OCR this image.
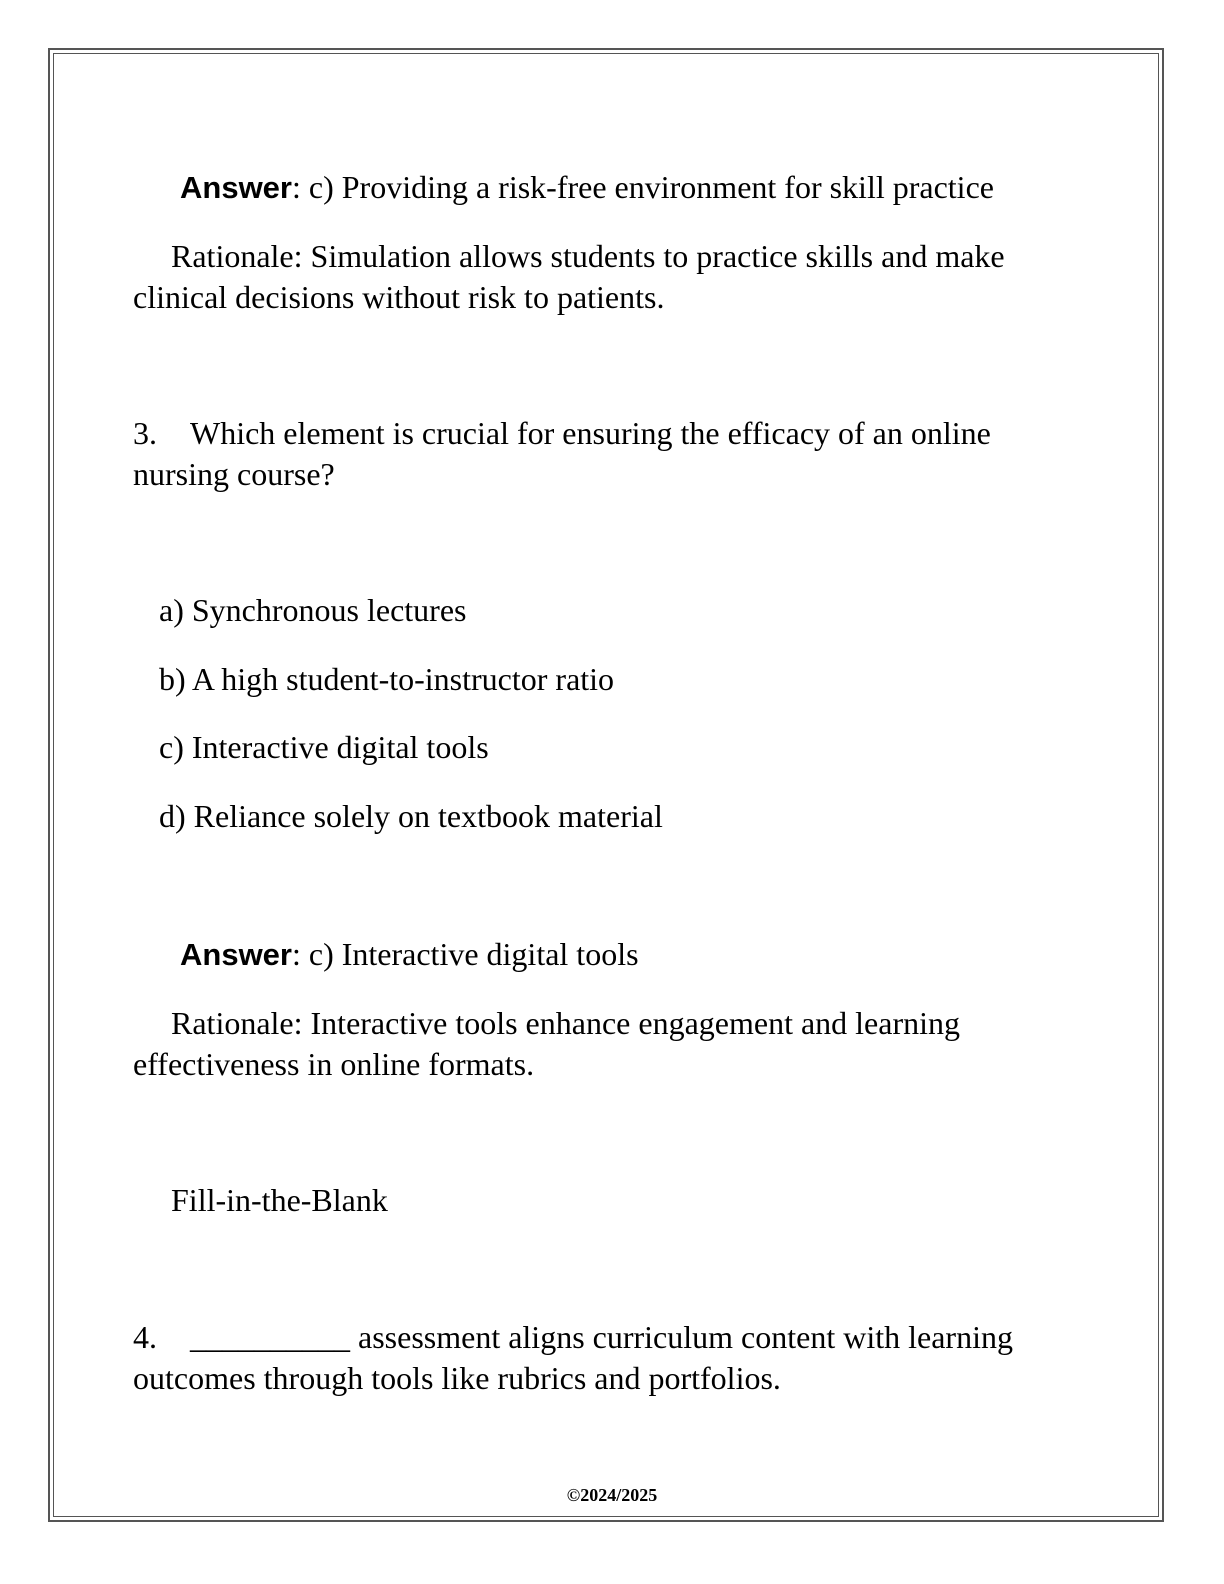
Answer: c) Providing a risk-free environment for skill practice
Rationale: Simulation allows students to practice skills and make clinical decisions without risk to patients.
3. Which element is crucial for ensuring the efficacy of an online nursing course?
a) Synchronous lectures
b) A high student-to-instructor ratio
c) Interactive digital tools
d) Reliance solely on textbook material
Answer: c) Interactive digital tools
Rationale: Interactive tools enhance engagement and learning effectiveness in online formats.
Fill-in-the-Blank
4. __________ assessment aligns curriculum content with learning outcomes through tools like rubrics and portfolios.
©2024/2025
